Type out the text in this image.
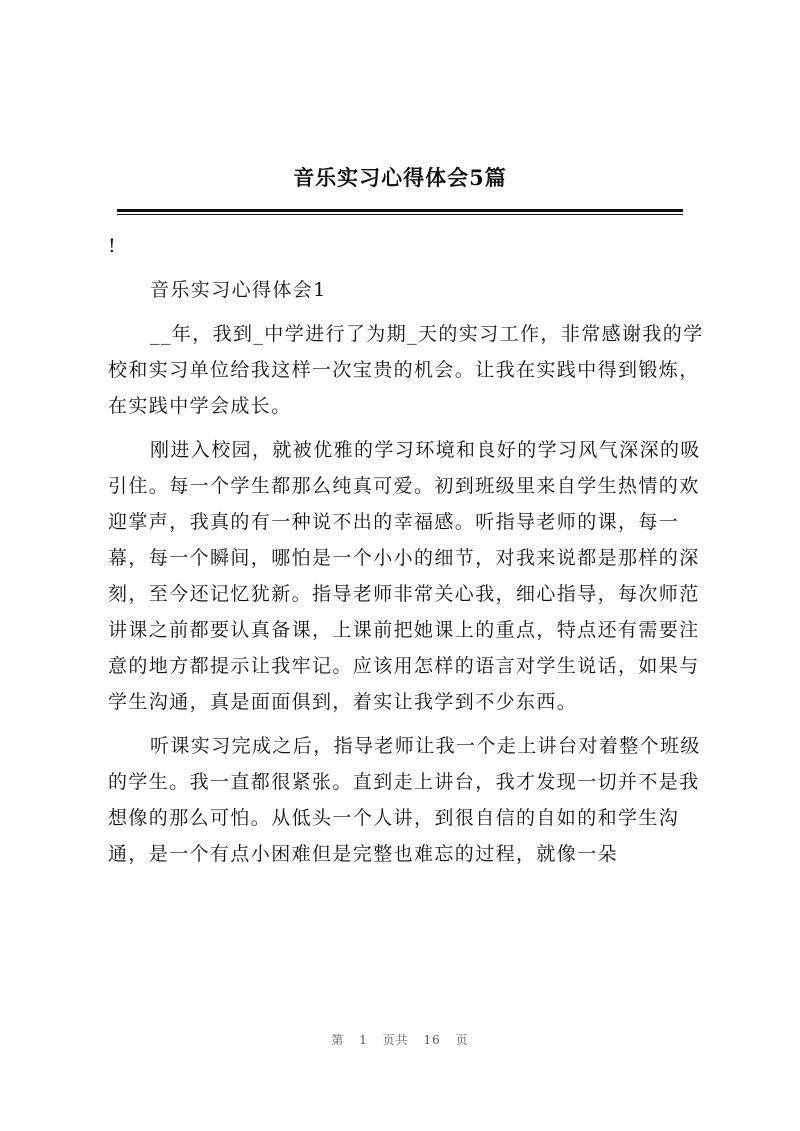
音乐实习心得体会5篇

!

音乐实习心得体会1

__年，我到_中学进行了为期_天的实习工作，非常感谢我的学校和实习单位给我这样一次宝贵的机会。让我在实践中得到锻炼，在实践中学会成长。

刚进入校园，就被优雅的学习环境和良好的学习风气深深的吸引住。每一个学生都那么纯真可爱。初到班级里来自学生热情的欢迎掌声，我真的有一种说不出的幸福感。听指导老师的课，每一幕，每一个瞬间，哪怕是一个小小的细节，对我来说都是那样的深刻，至今还记忆犹新。指导老师非常关心我，细心指导，每次师范讲课之前都要认真备课，上课前把她课上的重点，特点还有需要注意的地方都提示让我牢记。应该用怎样的语言对学生说话，如果与学生沟通，真是面面俱到，着实让我学到不少东西。

听课实习完成之后，指导老师让我一个走上讲台对着整个班级的学生。我一直都很紧张。直到走上讲台，我才发现一切并不是我想像的那么可怕。从低头一个人讲，到很自信的自如的和学生沟通，是一个有点小困难但是完整也难忘的过程，就像一朵

第 1 页共 16 页
